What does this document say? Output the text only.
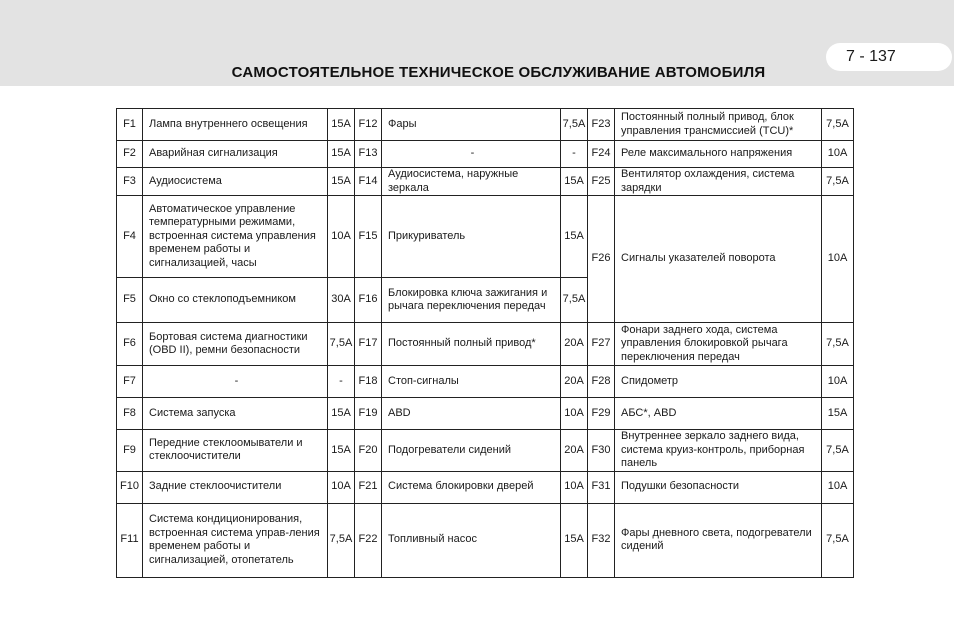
7 - 137
САМОСТОЯТЕЛЬНОЕ ТЕХНИЧЕСКОЕ ОБСЛУЖИВАНИЕ АВТОМОБИЛЯ
F1	Лампа внутреннего освещения	15A	F12	Фары	7,5A	F23	Постоянный полный привод, блок управления трансмиссией (TCU)*	7,5A
F2	Аварийная сигнализация	15A	F13	-	-	F24	Реле максимального напряжения	10A
F3	Аудиосистема	15A	F14	Аудиосистема, наружные зеркала	15A	F25	Вентилятор охлаждения, система зарядки	7,5A
F4	Автоматическое управление температурными режимами, встроенная система управления временем работы и сигнализацией, часы	10A	F15	Прикуриватель	15A	F26	Сигналы указателей поворота	10A
F5	Окно со стеклоподъемником	30A	F16	Блокировка ключа зажигания и рычага переключения передач	7,5A			
F6	Бортовая система диагностики (OBD II), ремни безопасности	7,5A	F17	Постоянный полный привод*	20A	F27	Фонари заднего хода, система управления блокировкой рычага переключения передач	7,5A
F7	-	-	F18	Стоп-сигналы	20A	F28	Спидометр	10A
F8	Система запуска	15A	F19	ABD	10A	F29	АБС*, ABD	15A
F9	Передние стеклоомыватели и стеклоочистители	15A	F20	Подогреватели сидений	20A	F30	Внутреннее зеркало заднего вида, система круиз-контроль, приборная панель	7,5A
F10	Задние стеклоочистители	10A	F21	Система блокировки дверей	10A	F31	Подушки безопасности	10A
F11	Система кондиционирования, встроенная система управ-ления временем работы и сигнализацией, отопетатель	7,5A	F22	Топливный насос	15A	F32	Фары дневного света, подогреватели сидений	7,5A
